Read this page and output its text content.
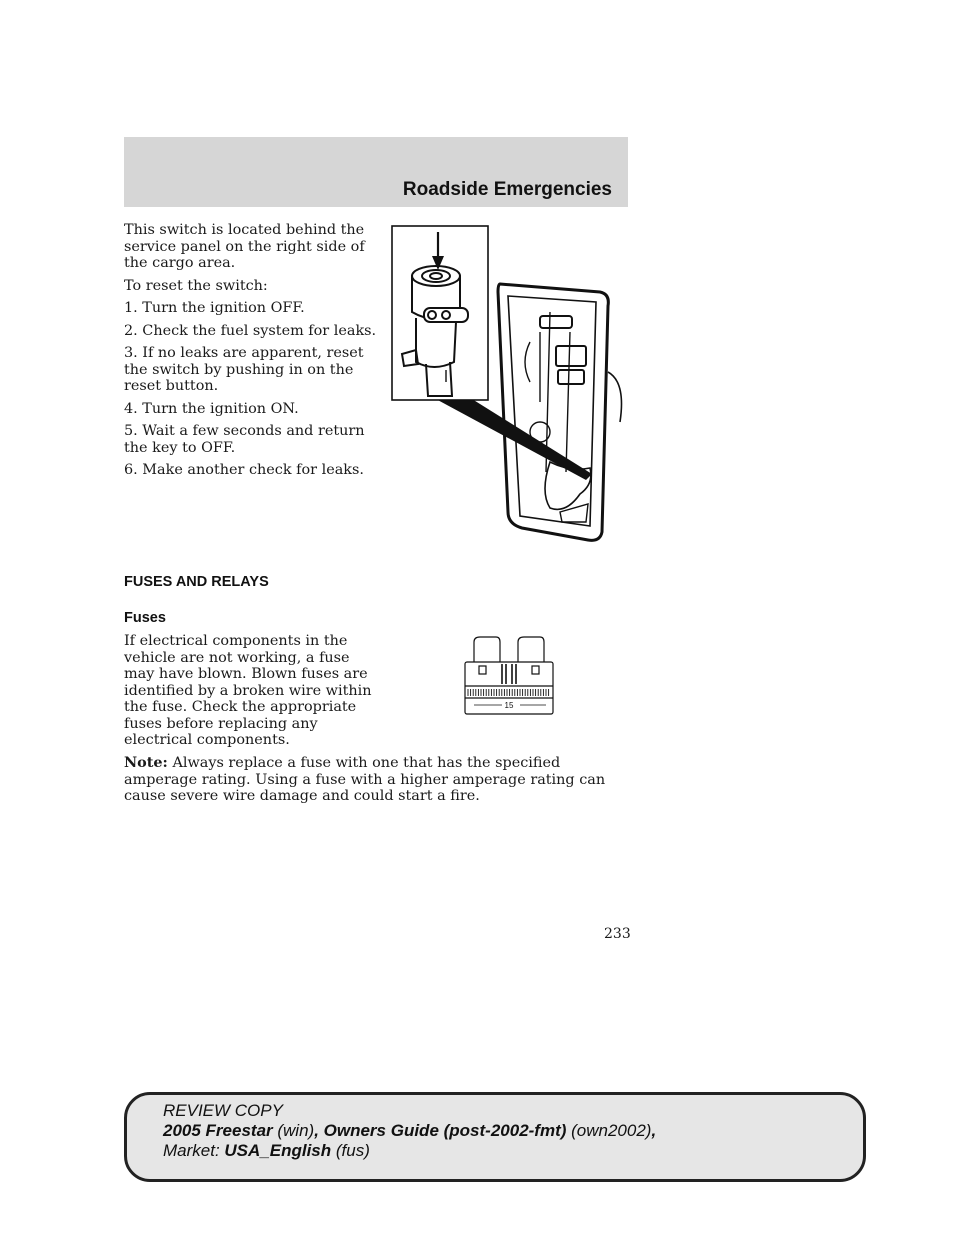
Roadside Emergencies

This switch is located behind the service panel on the right side of the cargo area.

To reset the switch:

1. Turn the ignition OFF.

2. Check the fuel system for leaks.

3. If no leaks are apparent, reset the switch by pushing in on the reset button.

4. Turn the ignition ON.

5. Wait a few seconds and return the key to OFF.

6. Make another check for leaks.

FUSES AND RELAYS
Fuses
If electrical components in the vehicle are not working, a fuse may have blown. Blown fuses are identified by a broken wire within the fuse. Check the appropriate fuses before replacing any electrical components.
15
Note: Always replace a fuse with one that has the specified amperage rating. Using a fuse with a higher amperage rating can cause severe wire damage and could start a fire.
233
REVIEW COPY
2005 Freestar (win), Owners Guide (post-2002-fmt) (own2002),
Market: USA_English (fus)
